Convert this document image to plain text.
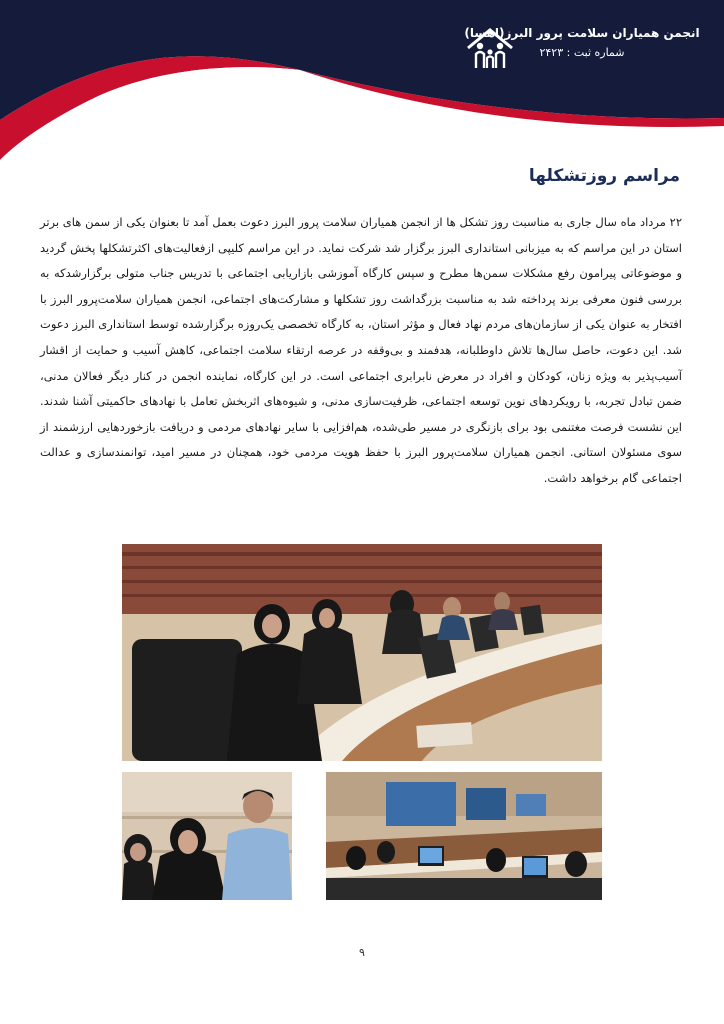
انجمن همیاران سلامت پرور البرز(اهسا)
شماره ثبت : ۲۴۲۳
مراسم روزتشکلها
۲۲ مرداد ماه سال جاری به مناسبت روز تشکل ها از انجمن همیاران سلامت پرور البرز دعوت بعمل آمد تا بعنوان یکی از سمن های برتر استان در این مراسم که به میزبانی استانداری البرز برگزار شد شرکت نماید. در این مراسم کلیپی ازفعالیت‌های اکثرتشکلها پخش گردید و موضوعاتی پیرامون رفع مشکلات سمن‌ها مطرح و سپس کارگاه آموزشی بازاریابی اجتماعی با تدریس جناب متولی برگزارشدکه به بررسی فنون معرفی برند پرداخته شد به مناسبت بزرگداشت روز تشکلها و مشارکت‌های اجتماعی، انجمن همیاران سلامت‌پرور البرز با افتخار به عنوان یکی از سازمان‌های مردم نهاد فعال و مؤثر استان، به کارگاه تخصصی یک‌روزه برگزارشده توسط استانداری البرز دعوت شد. این دعوت، حاصل سال‌ها تلاش داوطلبانه، هدفمند و بی‌وقفه در عرصه ارتقاء سلامت اجتماعی، کاهش آسیب و حمایت از اقشار آسیب‌پذیر به ویژه زنان، کودکان و افراد در معرض نابرابری اجتماعی است. در این کارگاه، نماینده انجمن در کنار دیگر فعالان مدنی، ضمن تبادل تجربه، با رویکردهای نوین توسعه اجتماعی، ظرفیت‌سازی مدنی، و شیوه‌های اثربخش تعامل با نهادهای حاکمیتی آشنا شدند. این نشست فرصت مغتنمی بود برای بازنگری در مسیر طی‌شده، هم‌افزایی با سایر نهادهای مردمی و دریافت بازخوردهایی ارزشمند از سوی مسئولان استانی. انجمن همیاران سلامت‌پرور البرز با حفظ هویت مردمی خود، همچنان در مسیر امید، توانمندسازی و عدالت اجتماعی گام برخواهد داشت.
۹
